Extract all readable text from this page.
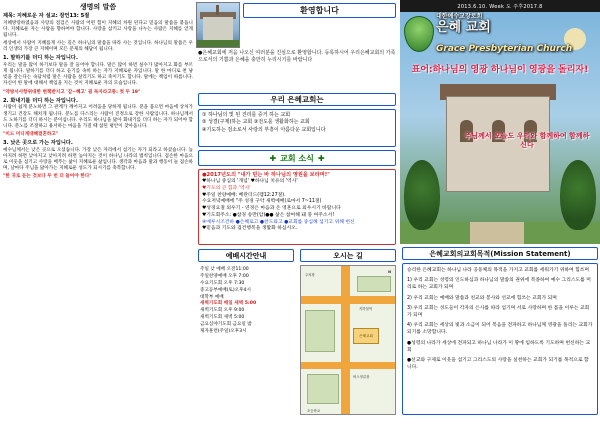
생명의 말씀
제목: 지혜로운 자 설교: 잠언13: 5절
지혜방랑하였음과 사랑의 점검은 사람의 어떤 힘이 지혜의 차원 된다고 믿음의 말씀을 붙듭니다. 지혜로운 자는 사람을 향하여야 합니다. 사랑을 삼키고 사랑을 나누는 사람은 지혜를 얻게 됩니다.
세상에서 사람이 지혜롭게 사는 길은 하나님의 말씀을 따라 사는 것입니다. 하나님의 말씀은 우리 인생의 가장 큰 지혜이며 모든 문제의 해답이 됩니다.
1. 말하기를 더디 하는 자입니다.
우리는 말을 많이 하기보다 말을 잘 들어야 합니다. 말은 많이 하면 실수가 많아지고 화를 부르게 됩니다. 말하기를 더디 하고 듣기를 속히 하는 자가 지혜로운 자입니다. 말 한 마디로 천 냥 빚을 갚는다는 속담처럼 말은 사람을 살리기도 하고 죽이기도 합니다. 말에는 책임이 따릅니다. 자신이 한 말에 대해서 책임을 지는 것이 지혜로운 자의 모습입니다.
"약방서사항위대한 변책받지고 '감~혜고' 굄 독자라고통: 첫 두 19"
2. 화내기를 더디 하는 자입니다.
사람이 쉽게 분노하면 그 관계가 깨어지고 어려움을 당하게 됩니다. 분을 품으면 마음에 상처가 생기고 건강도 해치게 됩니다. 분노를 다스리는 사람이 진정으로 강한 사람입니다. 하나님께서도 노하기를 더디 하시는 분이십니다. 우리도 하나님을 닮아 화내기를 더디 하는 자가 되어야 합니다. 분노를 조절하고 용서하는 마음을 가질 때 참된 평안이 찾아옵니다.
"미드 미디게대혜결혼하고"
3. 낮은 곳으로 가는 자입니다.
예수님께서는 낮은 곳으로 오셨습니다. 가장 낮은 자리에서 섬기는 자가 되라고 하셨습니다. 높아지려 하면 낮아지고 낮아지려 하면 높아지는 것이 하나님 나라의 법칙입니다. 겸손한 마음으로 이웃을 섬기고 사랑을 베푸는 삶이 지혜로운 삶입니다. 생각과 마음과 말과 행동이 늘 겸손하며, 날마다 주님을 닮아가는 지혜로운 성도가 되시기를 축복합니다.
"한 귀로 듣는 것보다 두 번 더 들어야 한다"
환영합니다
●은혜교회에 저음 나오신 여러분을 진심으로 환영합니다. 등록하시어 우리은혜교회의 가족으로서의 기쁨과 은혜을 충만히 누리시기를 바랍니다
우리 은혜교회는
① 하나님의 빛 된 진리를 증거 하는 교회
② 성결(구제)하는 교회 ③전도를 생활화하는 교회
④기도하는 검소로서 사랑의 부흥이 아름다운 교회입니다
✚ 교회 소식 ✚
●2017년도의 "내가 믿는 바 하나님의 영원을 보라며!"
♥하나님 중심의 '개념' ♥하나님 치유의 '역사'
♥기도의 큰 힘과 '역사'
♥주일 찬양예배: 베란더드(렘12:27절).
수요저녁예배에 "주 성경 구약 새벽예배(로마서 7~11절)
♥성경요절 외우기 - 연경은 마음과 온 영혼으로 외우시기 바랍니다
♥기도회주소: ●참경 송만(암)●● 삶은 참여해 돼 풍 여주소서!
④예루시조건하 ●은혜로고 ●찬도와고 ●교회를 중심해 섬기고 위해 헌신
♥믿음과 기도와 겸건행복을 생활화 하십시오.
예배시간안내	오시는 길
주일 낮 예배 오전11:00
주일찬양예배 오후 7:00
수요기도회 오후 7:30
중고등부예배(토)오후4시
대학부 예배
새벽기도회 매일 새벽 5:00
새벽기도회 오후 9:00
새벽기도회 새벽 5:00
금요심야기도회 금요일 밤
제자훈련(주일)오후3시
은혜교회
주차장
지하철역
버스정류장
초등학교
N
2013.6.10. Week 도 주후2017.8
대한예수교장로회
은혜 교회
Grace Presbyterian Church
표어:하나님의 영광 하나님이 영광을 돌리자!
주님께서 오늘도 우리와 함께하여 함께하신다
은혜교회의교회목적(Mission Statement)

승리한 은혜교회는 하나님 나라 공동체의 목적을 가지고 교회를 세워가기 위하여 힘쓰며

1) 우리 교회는 성령의 인도하심과 하나님의 말씀의 권위에 복종하여 예수 그리스도를 머리로 하는 교회가 되며

2) 우리 교회는 예배와 말씀과 친교와 봉사와 선교에 힘쓰는 교회가 되며

3) 우리 교회는 성도들이 각자의 은사를 따라 섬기며 서로 사랑하며 한 몸을 이루는 교회가 되며

4) 우리 교회는 세상의 빛과 소금이 되어 복음을 전파하고 하나님께 영광을 돌리는 교회가 되기를 소망합니다.

●성령의 나라가 세상에 전파되고 하나님 나라가 이 땅에 임하도록 기도하며 헌신하는 교회

●선교와 구제로 이웃을 섬기고 그리스도의 사랑을 실천하는 교회가 되기를 목적으로 합니다.
